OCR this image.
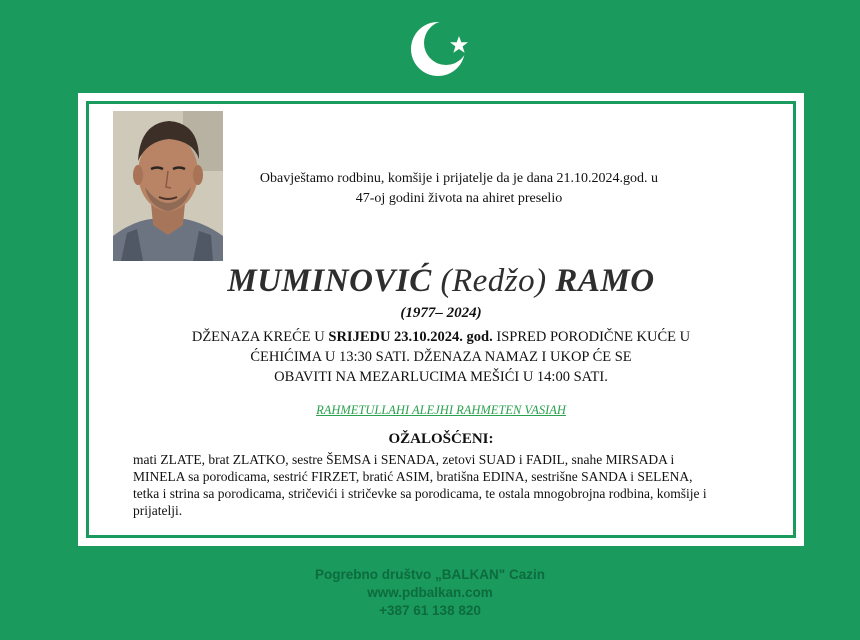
Obavještamo rodbinu, komšije i prijatelje da je dana 21.10.2024.god. u
47-oj godini života na ahiret preselio
MUMINOVIĆ (Redžo) RAMO
(1977– 2024)
DŽENAZA KREĆE U SRIJEDU 23.10.2024. god. ISPRED PORODIČNE KUĆE U
ĆEHIĆIMA U 13:30 SATI. DŽENAZA NAMAZ I UKOP ĆE SE
OBAVITI NA MEZARLUCIMA MEŠIĆI U 14:00 SATI.
RAHMETULLAHI ALEJHI RAHMETEN VASIAH
OŽALOŠĆENI:
mati ZLATE, brat ZLATKO, sestre ŠEMSA i SENADA, zetovi SUAD i FADIL, snahe MIRSADA i
MINELA sa porodicama, sestrić FIRZET, bratić ASIM, bratišna EDINA, sestrišne SANDA i SELENA,
tetka i strina sa porodicama, stričevići i stričevke sa porodicama, te ostala mnogobrojna rodbina, komšije i
prijatelji.
Pogrebno društvo „BALKAN" Cazin
www.pdbalkan.com
+387 61 138 820
